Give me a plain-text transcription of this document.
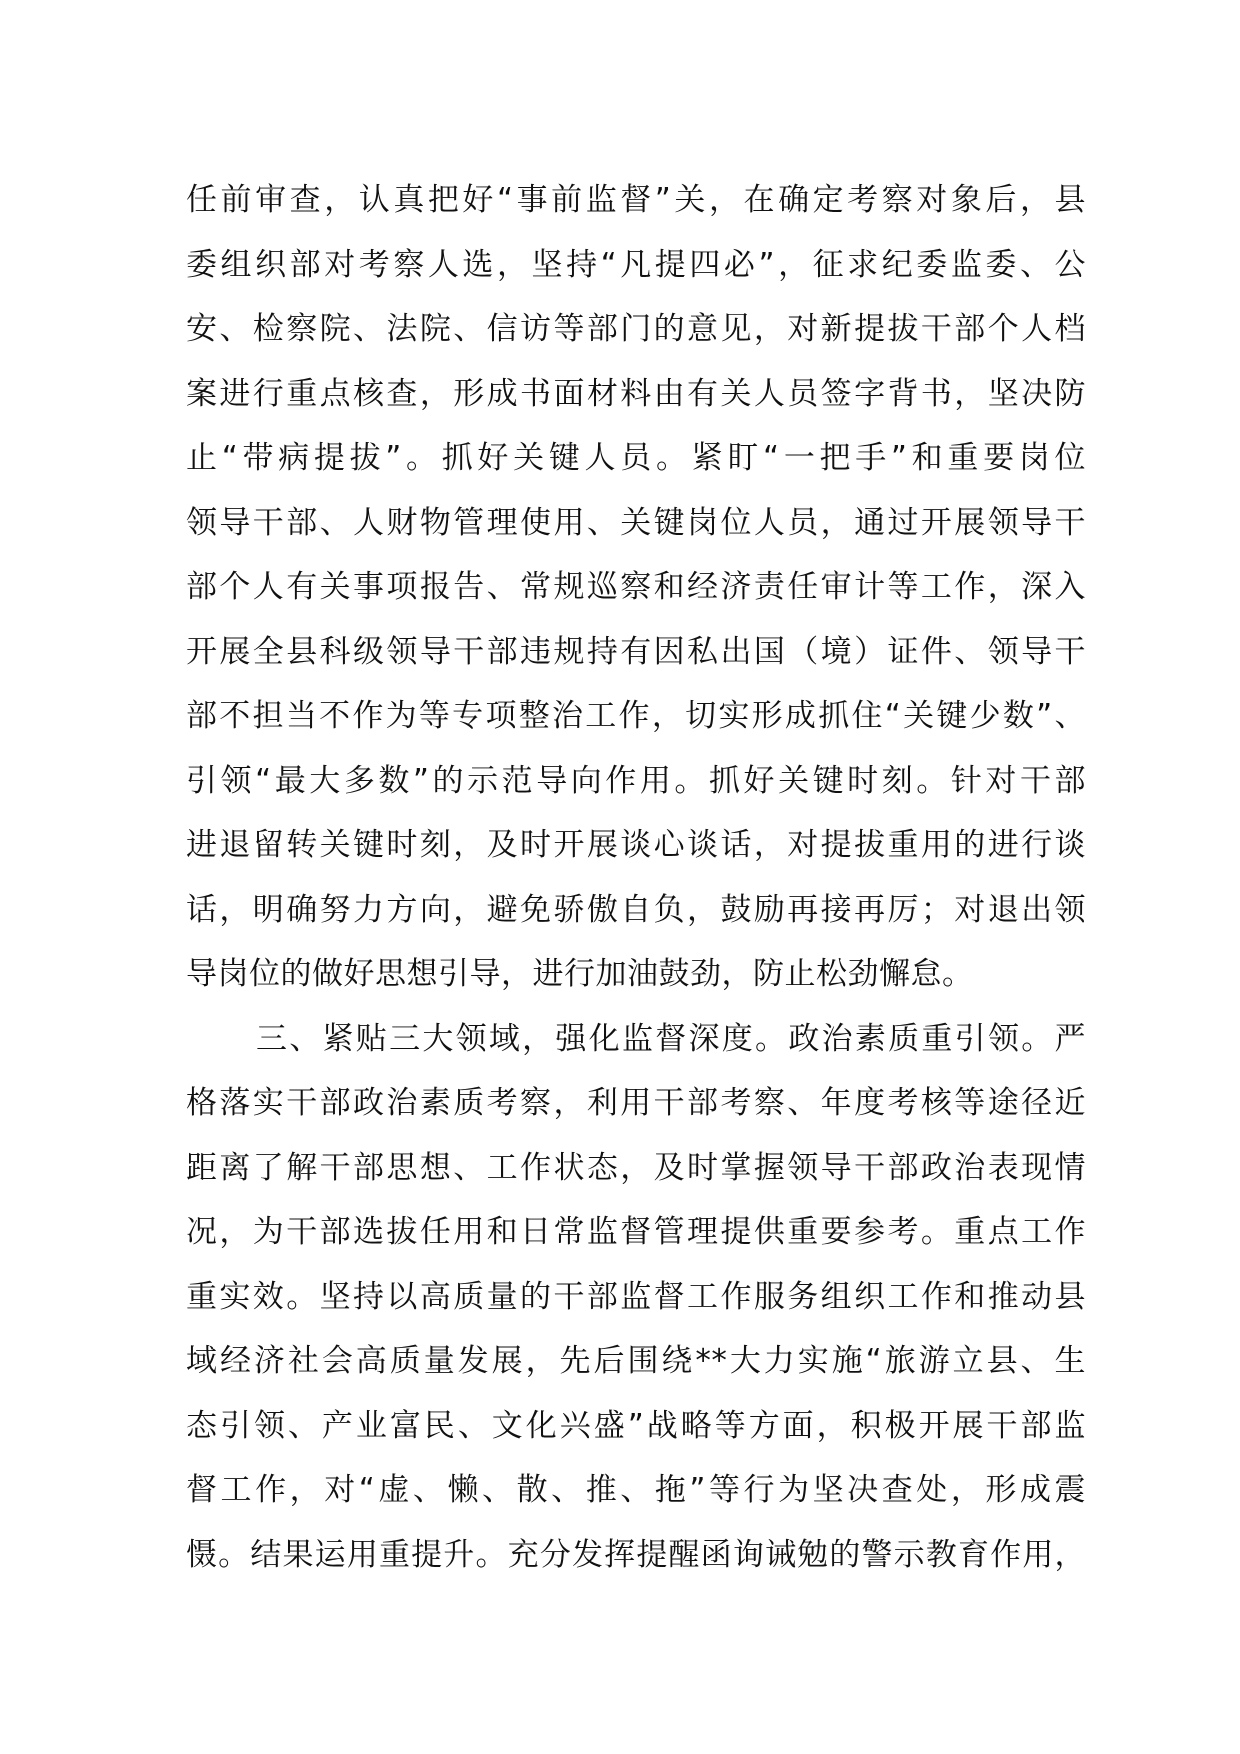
任前审查，认真把好“事前监督”关，在确定考察对象后，县
委组织部对考察人选，坚持“凡提四必”，征求纪委监委、公
安、检察院、法院、信访等部门的意见，对新提拔干部个人档
案进行重点核查，形成书面材料由有关人员签字背书，坚决防
止“带病提拔”。抓好关键人员。紧盯“一把手”和重要岗位
领导干部、人财物管理使用、关键岗位人员，通过开展领导干
部个人有关事项报告、常规巡察和经济责任审计等工作，深入
开展全县科级领导干部违规持有因私出国（境）证件、领导干
部不担当不作为等专项整治工作，切实形成抓住“关键少数”、
引领“最大多数”的示范导向作用。抓好关键时刻。针对干部
进退留转关键时刻，及时开展谈心谈话，对提拔重用的进行谈
话，明确努力方向，避免骄傲自负，鼓励再接再厉；对退出领
导岗位的做好思想引导，进行加油鼓劲，防止松劲懈怠。
三、紧贴三大领域，强化监督深度。政治素质重引领。严
格落实干部政治素质考察，利用干部考察、年度考核等途径近
距离了解干部思想、工作状态，及时掌握领导干部政治表现情
况，为干部选拔任用和日常监督管理提供重要参考。重点工作
重实效。坚持以高质量的干部监督工作服务组织工作和推动县
域经济社会高质量发展，先后围绕**大力实施“旅游立县、生
态引领、产业富民、文化兴盛”战略等方面，积极开展干部监
督工作，对“虚、懒、散、推、拖”等行为坚决查处，形成震
慑。结果运用重提升。充分发挥提醒函询诫勉的警示教育作用，
